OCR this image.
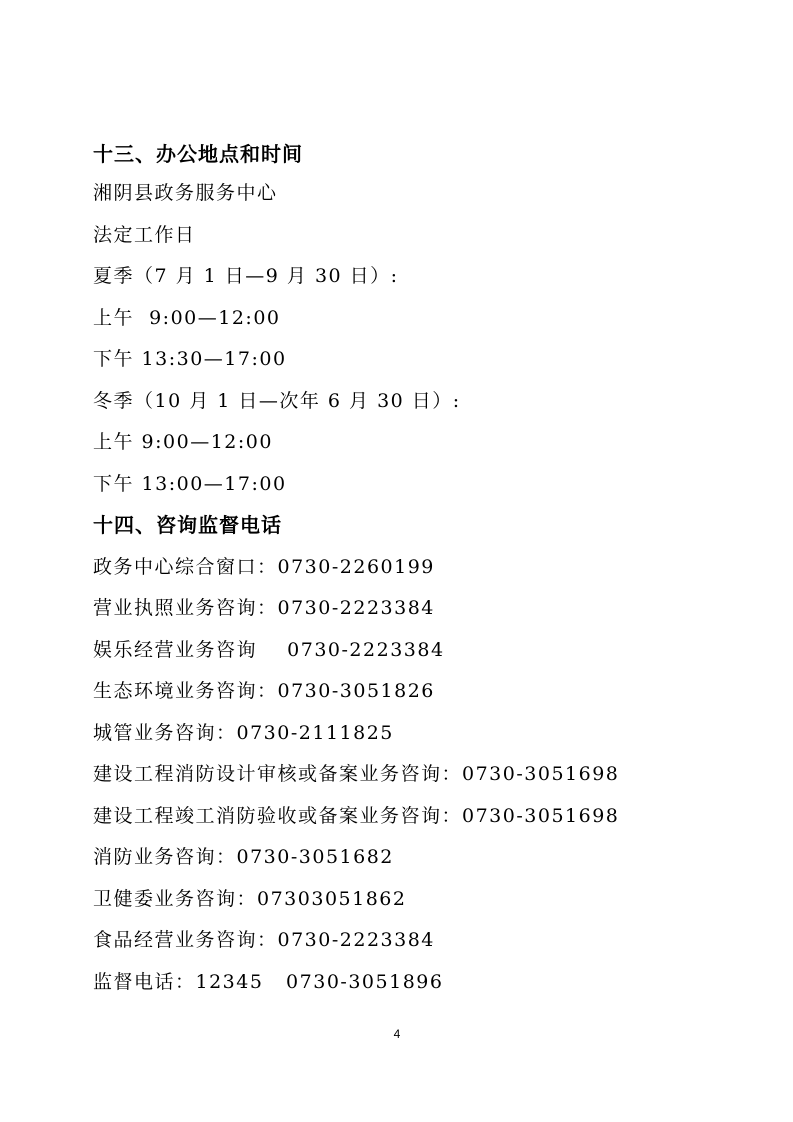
十三、办公地点和时间
湘阴县政务服务中心
法定工作日
夏季（7 月 1 日—9 月 30 日）:
上午  9:00—12:00
下午 13:30—17:00
冬季（10 月 1 日—次年 6 月 30 日）:
上午 9:00—12:00
下午 13:00—17:00
十四、咨询监督电话
政务中心综合窗口：0730-2260199
营业执照业务咨询：0730-2223384
娱乐经营业务咨询    0730-2223384
生态环境业务咨询：0730-3051826
城管业务咨询：0730-2111825
建设工程消防设计审核或备案业务咨询：0730-3051698
建设工程竣工消防验收或备案业务咨询：0730-3051698
消防业务咨询：0730-3051682
卫健委业务咨询：07303051862
食品经营业务咨询：0730-2223384
监督电话：12345   0730-3051896
4
